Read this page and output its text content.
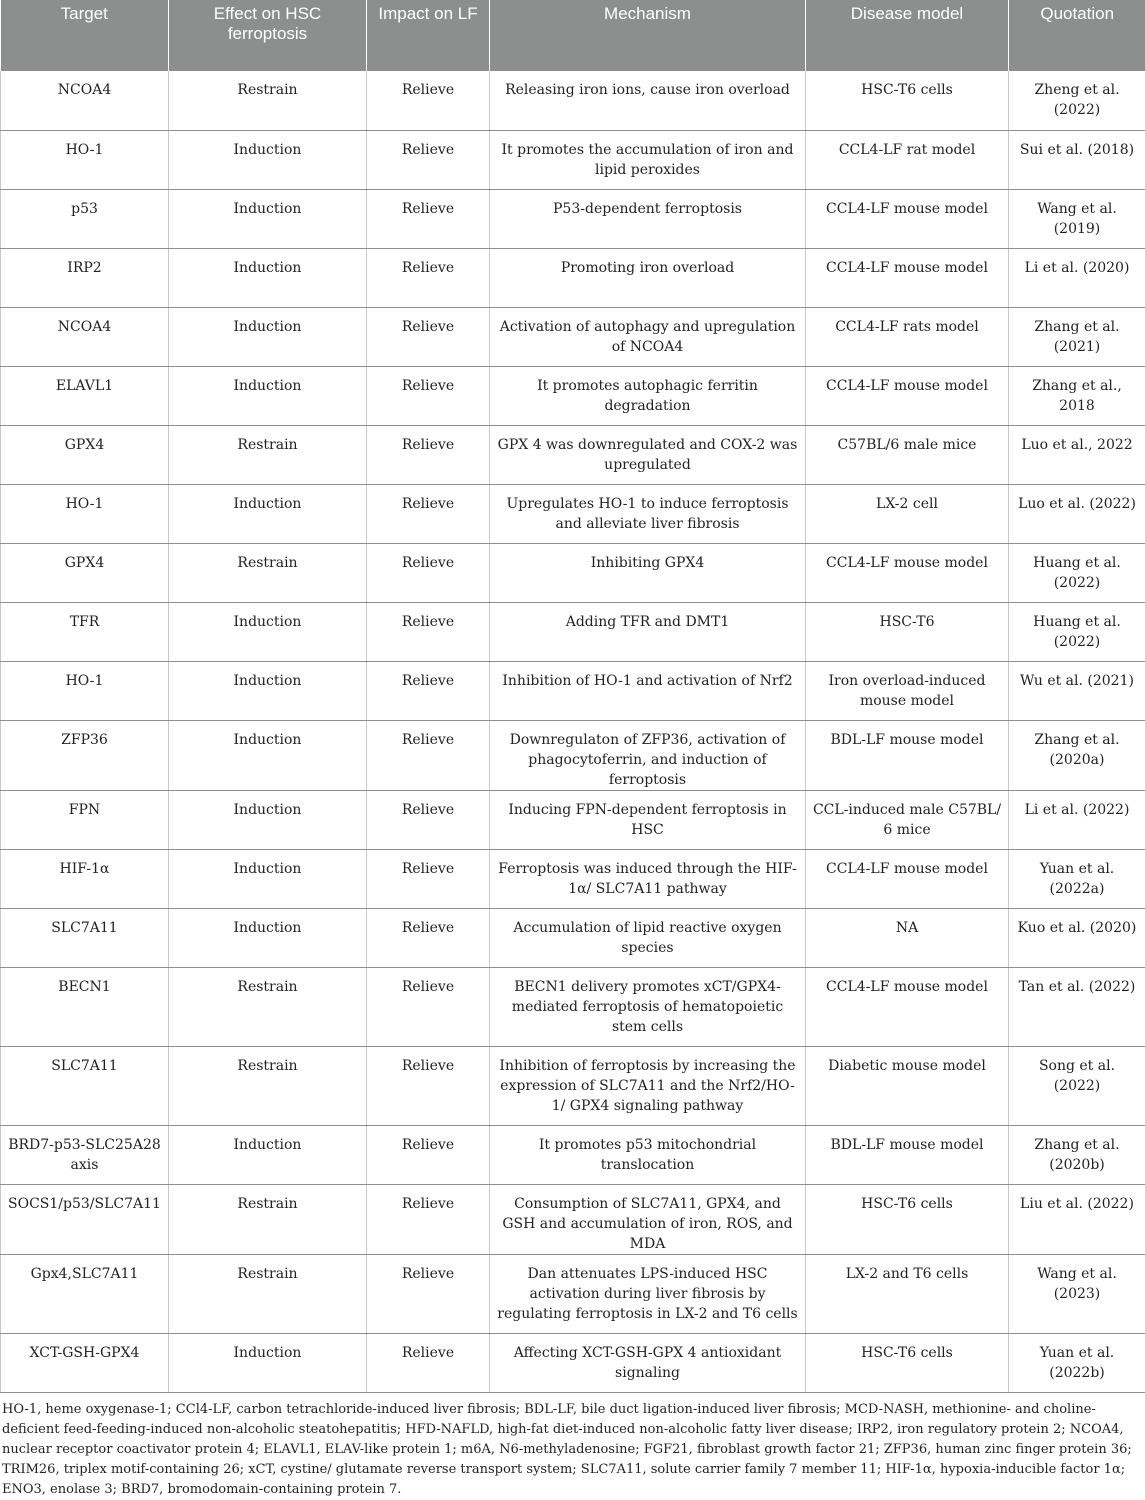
Target	Effect on HSC ferroptosis	Impact on LF	Mechanism	Disease model	Quotation
NCOA4	Restrain	Relieve	Releasing iron ions, cause iron overload	HSC-T6 cells	Zheng et al. (2022)
HO-1	Induction	Relieve	It promotes the accumulation of iron and lipid peroxides	CCL4-LF rat model	Sui et al. (2018)
p53	Induction	Relieve	P53-dependent ferroptosis	CCL4-LF mouse model	Wang et al. (2019)
IRP2	Induction	Relieve	Promoting iron overload	CCL4-LF mouse model	Li et al. (2020)
NCOA4	Induction	Relieve	Activation of autophagy and upregulation of NCOA4	CCL4-LF rats model	Zhang et al. (2021)
ELAVL1	Induction	Relieve	It promotes autophagic ferritin degradation	CCL4-LF mouse model	Zhang et al., 2018
GPX4	Restrain	Relieve	GPX 4 was downregulated and COX-2 was upregulated	C57BL/6 male mice	Luo et al., 2022
HO-1	Induction	Relieve	Upregulates HO-1 to induce ferroptosis and alleviate liver fibrosis	LX-2 cell	Luo et al. (2022)
GPX4	Restrain	Relieve	Inhibiting GPX4	CCL4-LF mouse model	Huang et al. (2022)
TFR	Induction	Relieve	Adding TFR and DMT1	HSC-T6	Huang et al. (2022)
HO-1	Induction	Relieve	Inhibition of HO-1 and activation of Nrf2	Iron overload-induced mouse model	Wu et al. (2021)
ZFP36	Induction	Relieve	Downregulaton of ZFP36, activation of phagocytoferrin, and induction of ferroptosis	BDL-LF mouse model	Zhang et al. (2020a)
FPN	Induction	Relieve	Inducing FPN-dependent ferroptosis in HSC	CCL-induced male C57BL/ 6 mice	Li et al. (2022)
HIF-1α	Induction	Relieve	Ferroptosis was induced through the HIF-1α/ SLC7A11 pathway	CCL4-LF mouse model	Yuan et al. (2022a)
SLC7A11	Induction	Relieve	Accumulation of lipid reactive oxygen species	NA	Kuo et al. (2020)
BECN1	Restrain	Relieve	BECN1 delivery promotes xCT/GPX4-mediated ferroptosis of hematopoietic stem cells	CCL4-LF mouse model	Tan et al. (2022)
SLC7A11	Restrain	Relieve	Inhibition of ferroptosis by increasing the expression of SLC7A11 and the Nrf2/HO-1/ GPX4 signaling pathway	Diabetic mouse model	Song et al. (2022)
BRD7-p53-SLC25A28 axis	Induction	Relieve	It promotes p53 mitochondrial translocation	BDL-LF mouse model	Zhang et al. (2020b)
SOCS1/p53/SLC7A11	Restrain	Relieve	Consumption of SLC7A11, GPX4, and GSH and accumulation of iron, ROS, and MDA	HSC-T6 cells	Liu et al. (2022)
Gpx4,SLC7A11	Restrain	Relieve	Dan attenuates LPS-induced HSC activation during liver fibrosis by regulating ferroptosis in LX-2 and T6 cells	LX-2 and T6 cells	Wang et al. (2023)
XCT-GSH-GPX4	Induction	Relieve	Affecting XCT-GSH-GPX 4 antioxidant signaling	HSC-T6 cells	Yuan et al. (2022b)
HO-1, heme oxygenase-1; CCl4-LF, carbon tetrachloride-induced liver fibrosis; BDL-LF, bile duct ligation-induced liver fibrosis; MCD-NASH, methionine- and choline-deficient feed-feeding-induced non-alcoholic steatohepatitis; HFD-NAFLD, high-fat diet-induced non-alcoholic fatty liver disease; IRP2, iron regulatory protein 2; NCOA4, nuclear receptor coactivator protein 4; ELAVL1, ELAV-like protein 1; m6A, N6-methyladenosine; FGF21, fibroblast growth factor 21; ZFP36, human zinc finger protein 36; TRIM26, triplex motif-containing 26; xCT, cystine/ glutamate reverse transport system; SLC7A11, solute carrier family 7 member 11; HIF-1α, hypoxia-inducible factor 1α; ENO3, enolase 3; BRD7, bromodomain-containing protein 7.
